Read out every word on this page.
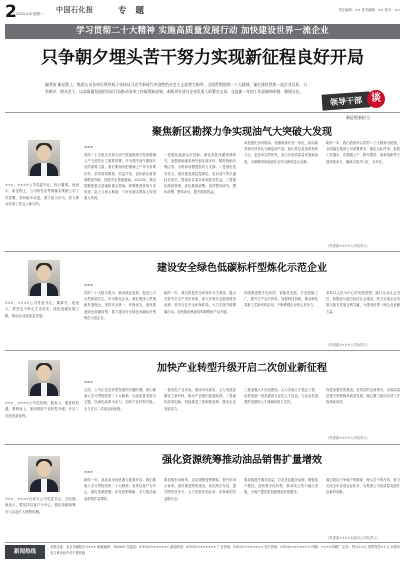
2 2023.2.6 星期一 中国石化报	专 题	责任编辑：×× 美术编辑：×× 校对：××
学习贯彻二十大精神 实施高质量发展行动 加快建设世界一流企业
只争朝夕埋头苦干努力实现新征程良好开局
编者按 新征程上，集团公司各单位领导班子坚持以习近平新时代中国特色社会主义思想为指导，全面贯彻党的二十大精神，锚定建设世界一流企业目标，只争朝夕、埋头苦干，以高质量发展的实际行动推动各项工作取得新成效。本期刊发部分企业负责人的署名文章，交流新一年的工作思路和举措，敬请关注。
领导干部 谈
新征程新担当
×××，××××公司党委书记、执行董事。他表示，新征程上，公司将坚决贯彻落实集团公司工作部署，坚持稳中求进，勇于担当作为，努力推动各项工作迈上新台阶。
聚焦新区勘探力争实现油气大突破大发现
×××
党的二十大报告对加大油气资源勘探开发和增储上产力度作出了重要部署。作为国内油气勘探开发的重要力量，我们要始终把增储上产作为首要任务，坚持高效勘探、效益开发，加快新区新领域勘探突破，持续夯实资源基础。2023年，我们将聚焦重点盆地和重点领域，统筹推进常规与非常规、陆上与海上勘探，力争在新区勘探上取得重大发现。
一是强化地质认识创新。深化成盆成藏规律研究，加强基础地质研究和区域评价，精细刻画有利区带，为勘探部署提供有力支撑。二是强化技术攻关。加快推进深层超深层、页岩油气等关键技术攻关，提高钻井成功率和探井效益。三是强化勘探管理。优化勘探部署，坚持整体研究、整体部署、整体评价，提升勘探效益。
四是强化协同联动。加强勘探开发一体化，推动新发现尽快转化为储量和产量。我们将以更加昂扬的斗志、更加务实的作风，奋力开创高质量发展新局面，为保障国家能源安全作出新的更大贡献。
新的一年，我们将坚持以党的二十大精神为统领，全面落实集团公司部署要求，锚定目标任务，狠抓工作落实，在增储上产、降本增效、改革创新等方面持续用力，确保实现开门红、全年红。
（作者系××××公司负责人）
×××，××××公司党委书记、董事长。他表示，要坚定不移走生态优先、绿色低碳发展之路，推动企业高质量发展。
建设安全绿色低碳标杆型炼化示范企业
×××
党的二十大报告提出，推动绿色发展，促进人与自然和谐共生。作为炼化企业，我们要深入贯彻新发展理念，坚持安全第一、环保优先，加快推进绿色低碳转型，着力建设安全绿色低碳标杆型炼化示范企业。
新的一年，我们将把安全环保作为生命线，健全完善安全生产责任体系，深入开展安全隐患排查治理，坚决守住安全环保底线。大力实施节能降碳行动，加快推进炼油结构调整和产品升级。
持续推进数字化转型、智能化发展，打造智能工厂，提升生产运行效率。加强科技创新，推动新技术新工艺新材料应用，不断增强企业核心竞争力。
坚持以人民为中心的发展思想，践行企业社会责任，积极参与地方经济社会建设，努力实现企业发展与地方发展互利共赢，为建设世界一流企业贡献力量。
（作者系××××公司负责人）
×××，××××公司总经理。他表示，要抢抓机遇、乘势而上，加快推进产业转型升级，开启二次创业新征程。
加快产业转型升级开启二次创业新征程
×××
当前，公司正处在转型发展的关键时期。我们要深入学习贯彻党的二十大精神，以高质量发展为主题，以深化改革为动力，加快产业转型升级，全力开启二次创业新征程。
一是优化产业布局。围绕市场需求，大力发展高端化工新材料，推动产业链向高端延伸。二是深化改革创新。持续推进三项制度改革，激发企业发展活力。
三是加强人才队伍建设。大力实施人才强企工程，培养造就一批高素质专业化人才队伍，为企业发展提供坚强的人才保障和智力支持。
四是加强党的建设。坚持党的全面领导，以高质量党建引领保障高质量发展，凝心聚力推动各项工作取得新成效。
（作者系××××公司负责人）
×××，××××石油分公司党委书记、总经理。他表示，要坚持以客户为中心，强化资源统筹，全力以赴扩大销售规模。
强化资源统筹推动油品销售扩量增效
×××
新的一年，成品油市场机遇与挑战并存。我们要深入学习贯彻党的二十大精神，坚持以客户为中心，强化资源统筹，优化营销策略，全力推动油品销售扩量增效。
要加强市场研判，灵活调整营销策略，提升市场占有率。加快推进网络建设，优化网点布局，提升网络竞争力。大力发展非油业务，培育新的效益增长点。
要持续提升服务质量，打造优质服务品牌，增强客户黏性。加快数字化转型，推动线上线下融合发展，为客户提供更加便捷高效的服务。
我们将以只争朝夕的精神、埋头苦干的作风，努力完成全年各项目标任务，为集团公司高质量发展作出新的贡献。
（作者系××××石油分公司负责人）
新闻热线
本报社址：北京市朝阳区×××× 邮政编码：100000 总编室：(010)×××××××× 新闻热线：(010)×××××××× 广告热线：(010)×××××××× 发行热线：(010)×××××××× 印刷：××××印刷厂 定价：每月××元 零售每份××元 本报所有文章未经许可不得转载
